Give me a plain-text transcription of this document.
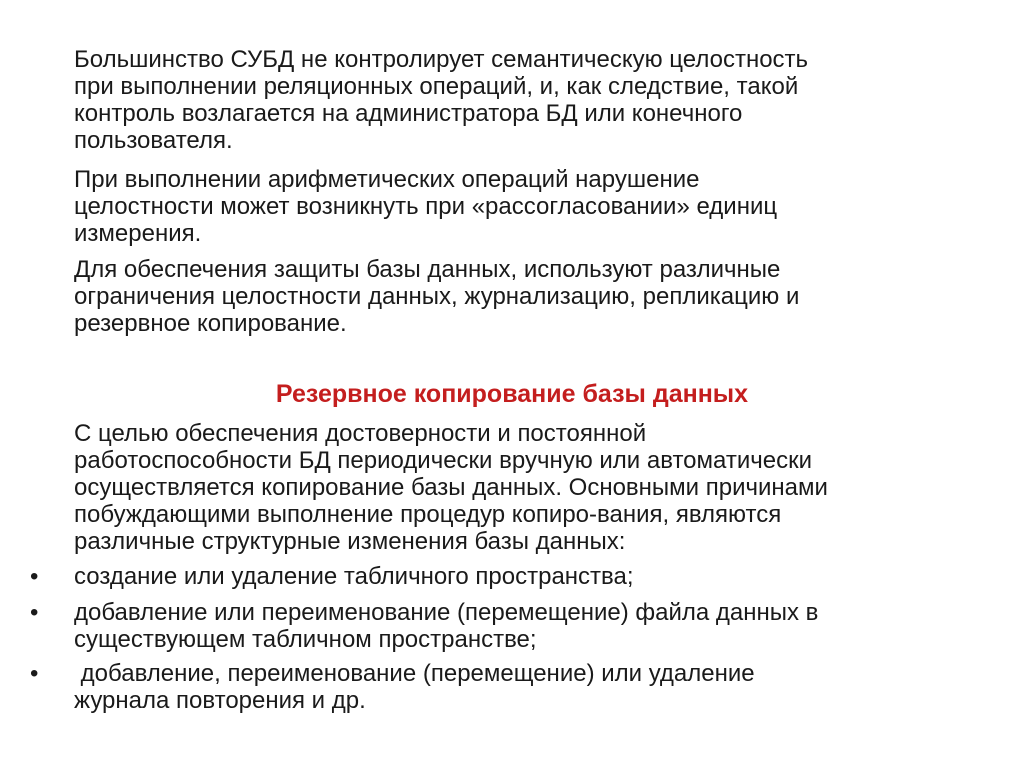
Большинство СУБД не контролирует семантическую целостность
при выполнении реляционных операций, и, как следствие, такой
контроль возлагается на администратора БД или конечного
пользователя.

При выполнении арифметических операций нарушение
целостности может возникнуть при «рассогласовании» единиц
измерения.

Для обеспечения защиты базы данных, используют различные
ограничения целостности данных, журнализацию, репликацию и
резервное копирование.

Резервное копирование базы данных

С целью обеспечения достоверности и постоянной
работоспособности БД периодически вручную или автоматически
осуществляется копирование базы данных. Основными причинами
побуждающими выполнение процедур копиро-вания, являются
различные структурные изменения базы данных:

•	создание или удаление табличного пространства;
•	добавление или переименование (перемещение) файла данных в
существующем табличном пространстве;
•	добавление, переименование (перемещение) или удаление
журнала повторения и др.
